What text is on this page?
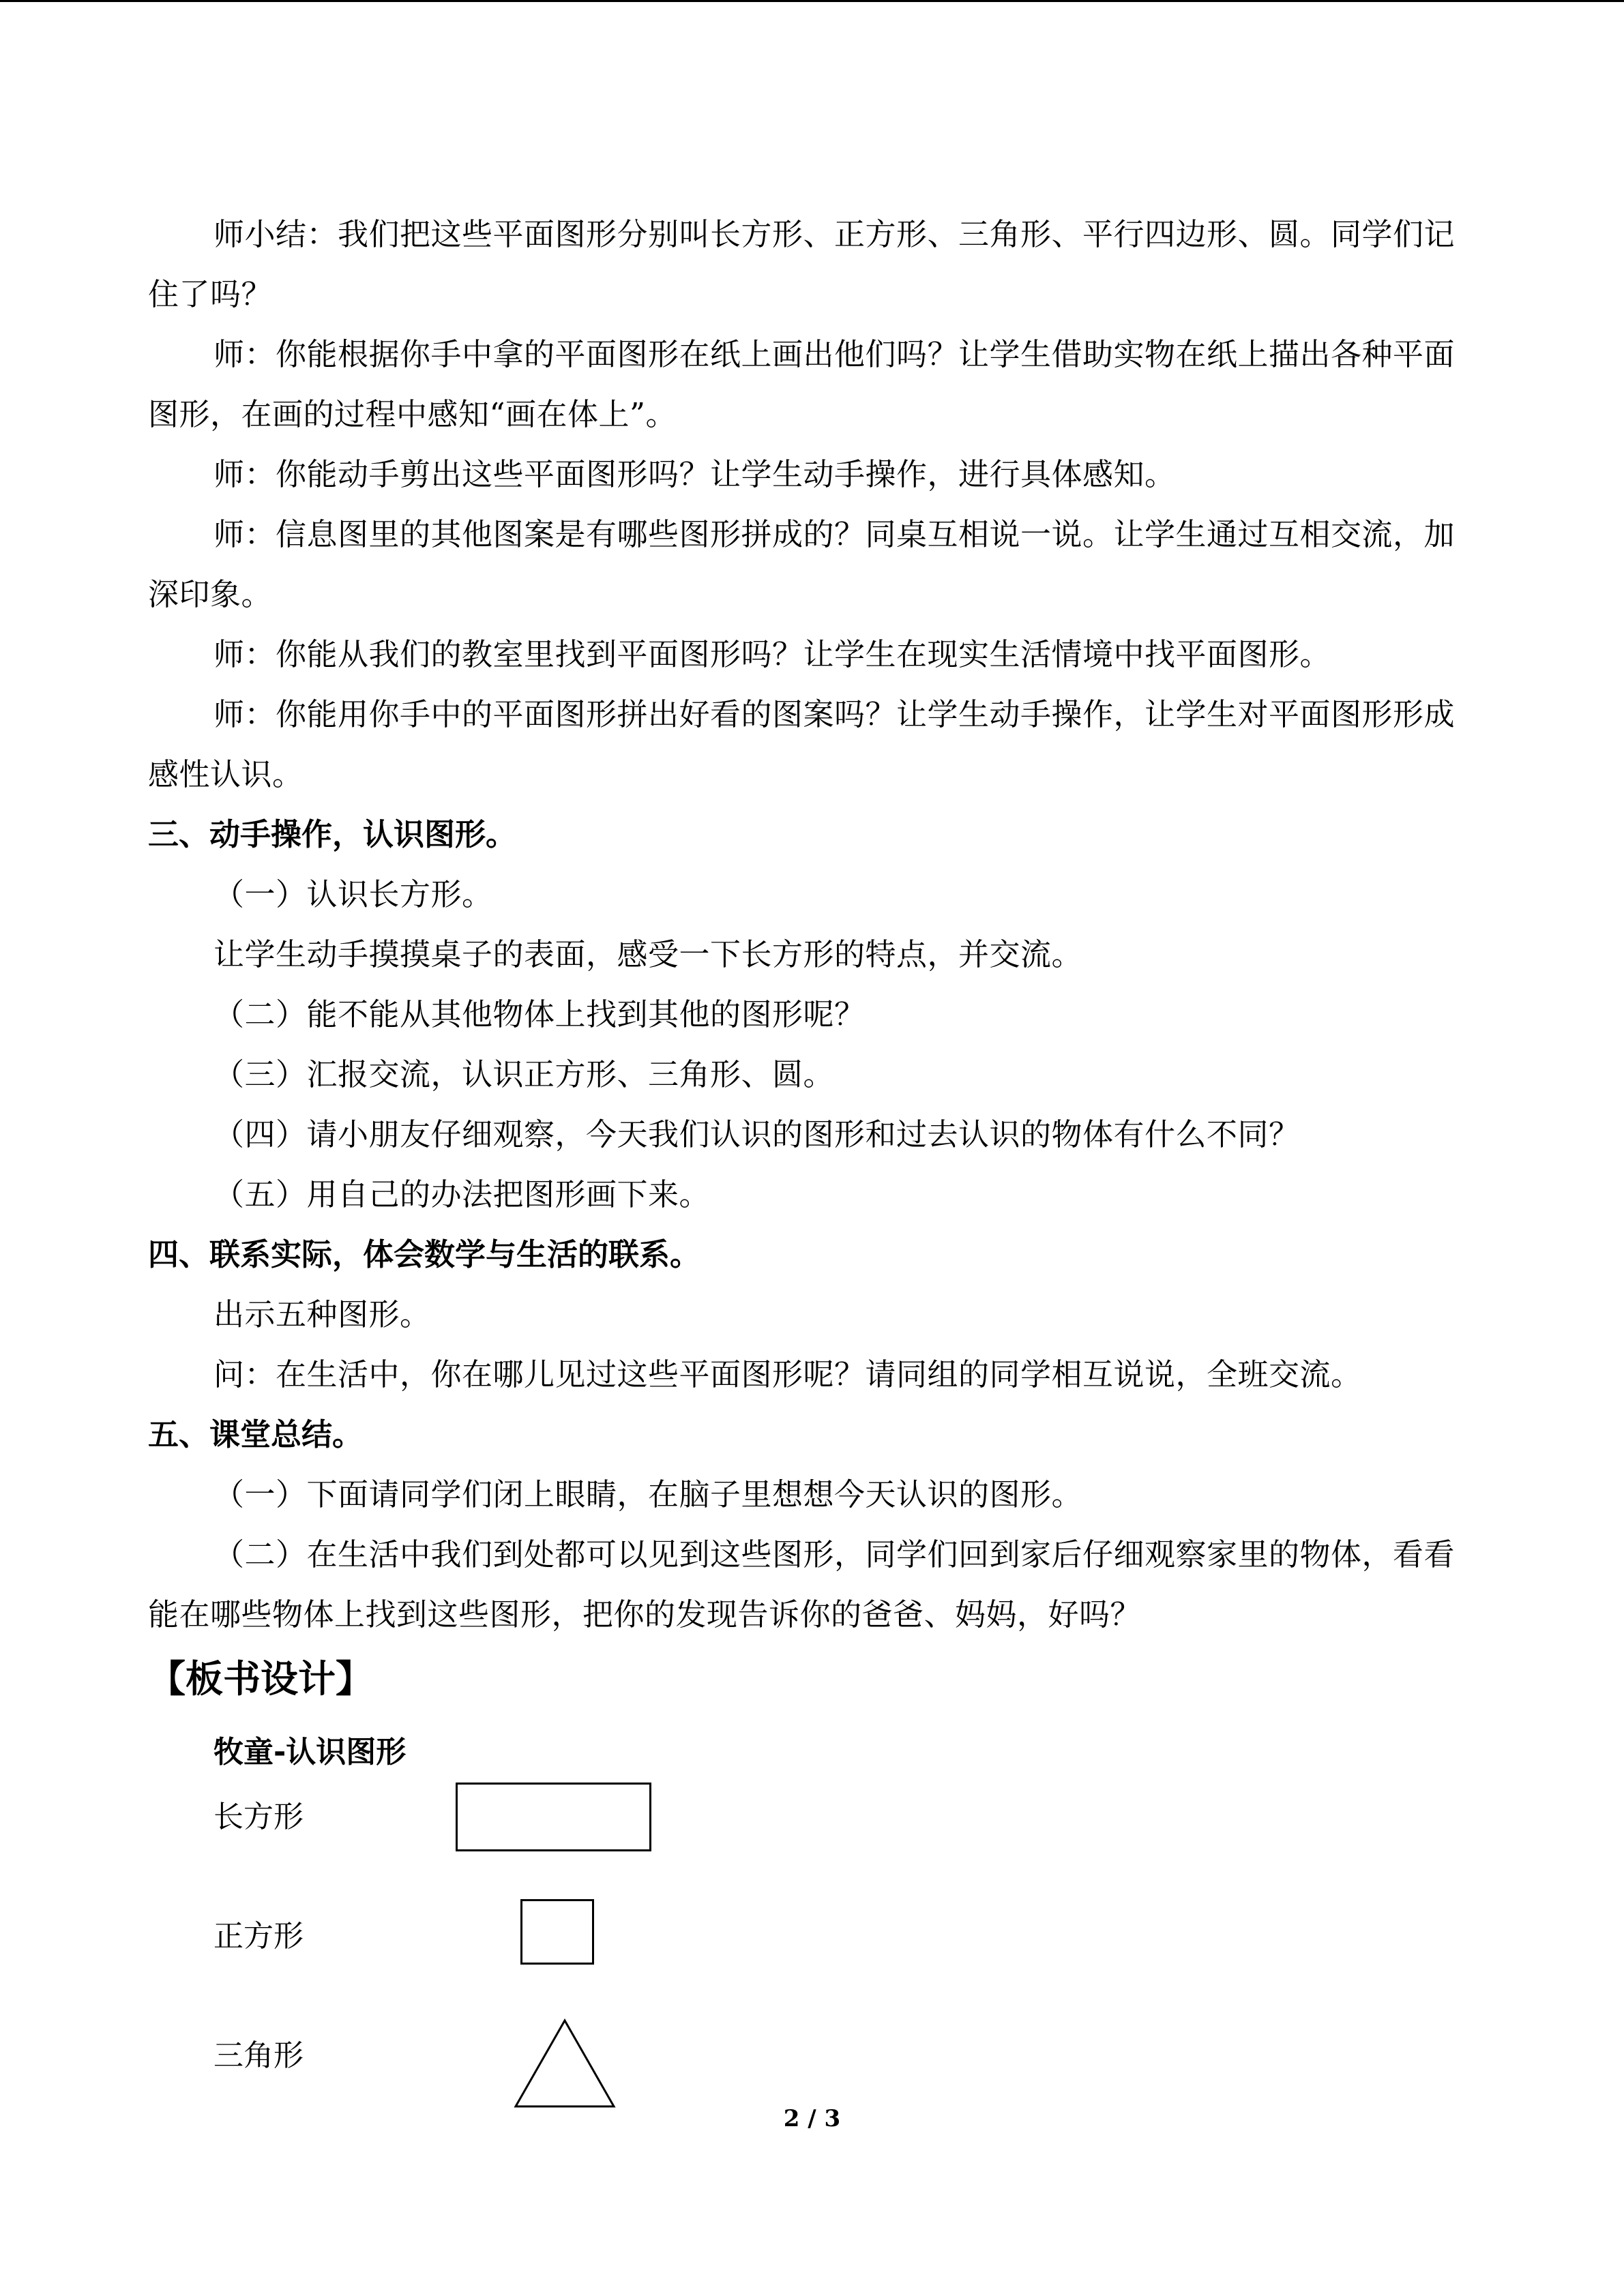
师小结：我们把这些平面图形分别叫长方形、正方形、三角形、平行四边形、圆。同学们记住了吗？

师：你能根据你手中拿的平面图形在纸上画出他们吗？让学生借助实物在纸上描出各种平面图形，在画的过程中感知“画在体上”。

师：你能动手剪出这些平面图形吗？让学生动手操作，进行具体感知。

师：信息图里的其他图案是有哪些图形拼成的？同桌互相说一说。让学生通过互相交流，加深印象。

师：你能从我们的教室里找到平面图形吗？让学生在现实生活情境中找平面图形。

师：你能用你手中的平面图形拼出好看的图案吗？让学生动手操作，让学生对平面图形形成感性认识。

三、动手操作，认识图形。

（一）认识长方形。

让学生动手摸摸桌子的表面，感受一下长方形的特点，并交流。

（二）能不能从其他物体上找到其他的图形呢？

（三）汇报交流，认识正方形、三角形、圆。

（四）请小朋友仔细观察，今天我们认识的图形和过去认识的物体有什么不同？

（五）用自己的办法把图形画下来。

四、联系实际，体会数学与生活的联系。

出示五种图形。

问：在生活中，你在哪儿见过这些平面图形呢？请同组的同学相互说说，全班交流。

五、课堂总结。

（一）下面请同学们闭上眼睛，在脑子里想想今天认识的图形。

（二）在生活中我们到处都可以见到这些图形，同学们回到家后仔细观察家里的物体，看看能在哪些物体上找到这些图形，把你的发现告诉你的爸爸、妈妈，好吗？

【板书设计】
牧童-认识图形
长方形
正方形
三角形
2 / 3
